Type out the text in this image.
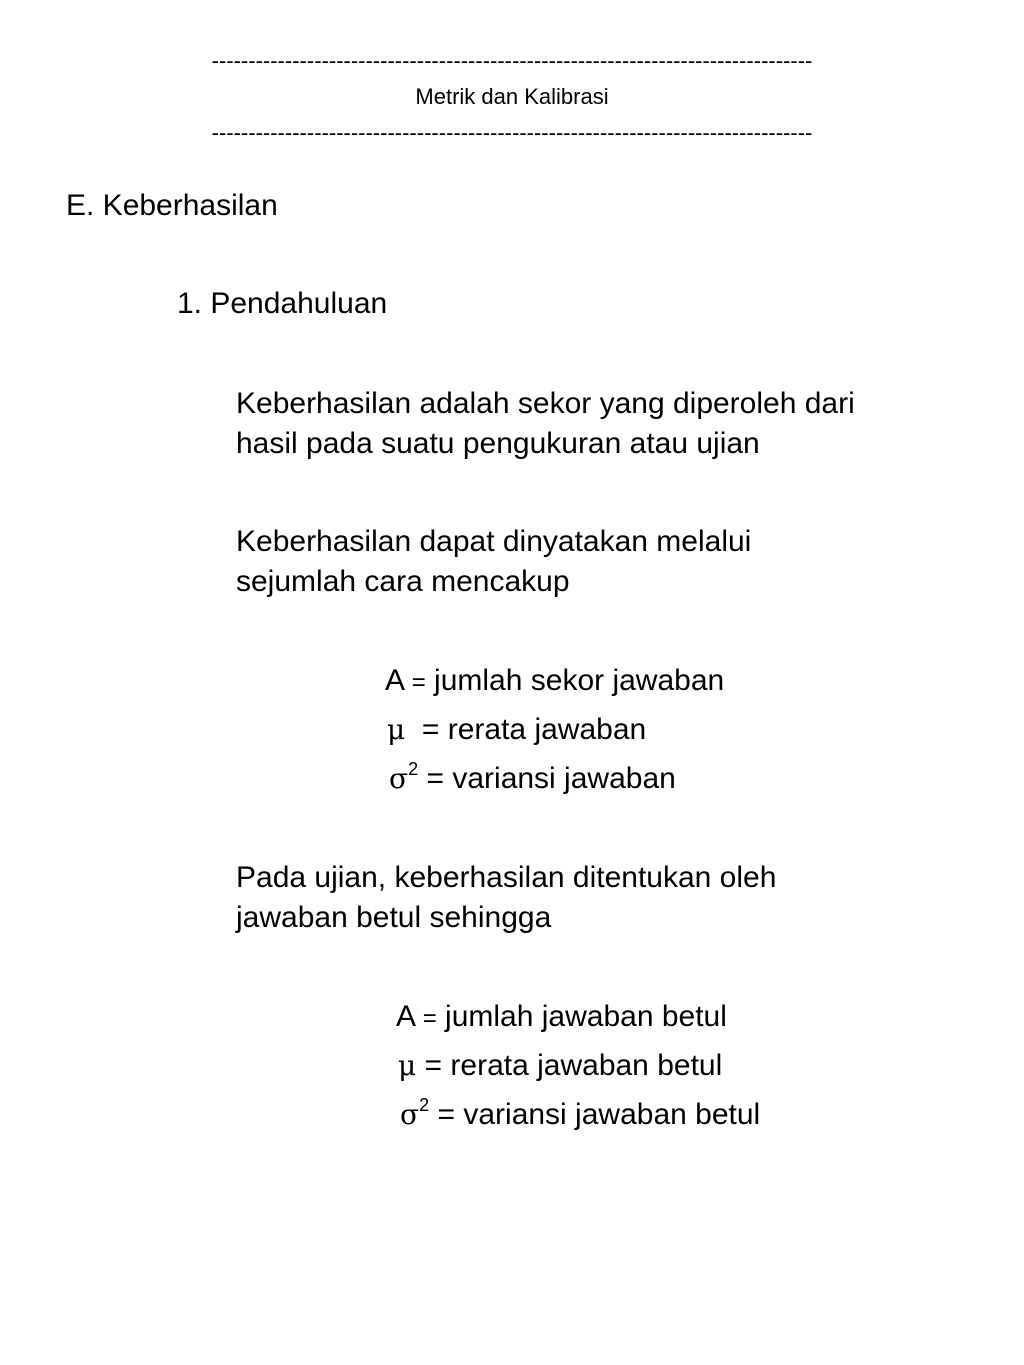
----------------------------------------------------------------------------------
Metrik dan Kalibrasi
----------------------------------------------------------------------------------
E. Keberhasilan
1. Pendahuluan
Keberhasilan adalah sekor yang diperoleh dari
hasil pada suatu pengukuran atau ujian
Keberhasilan dapat dinyatakan melalui
sejumlah cara mencakup
A = jumlah sekor jawaban
μ = rerata jawaban
$\sigma^2$ = variansi jawaban
Pada ujian, keberhasilan ditentukan oleh
jawaban betul sehingga
A = jumlah jawaban betul
μ = rerata jawaban betul
$\sigma^2$ = variansi jawaban betul
